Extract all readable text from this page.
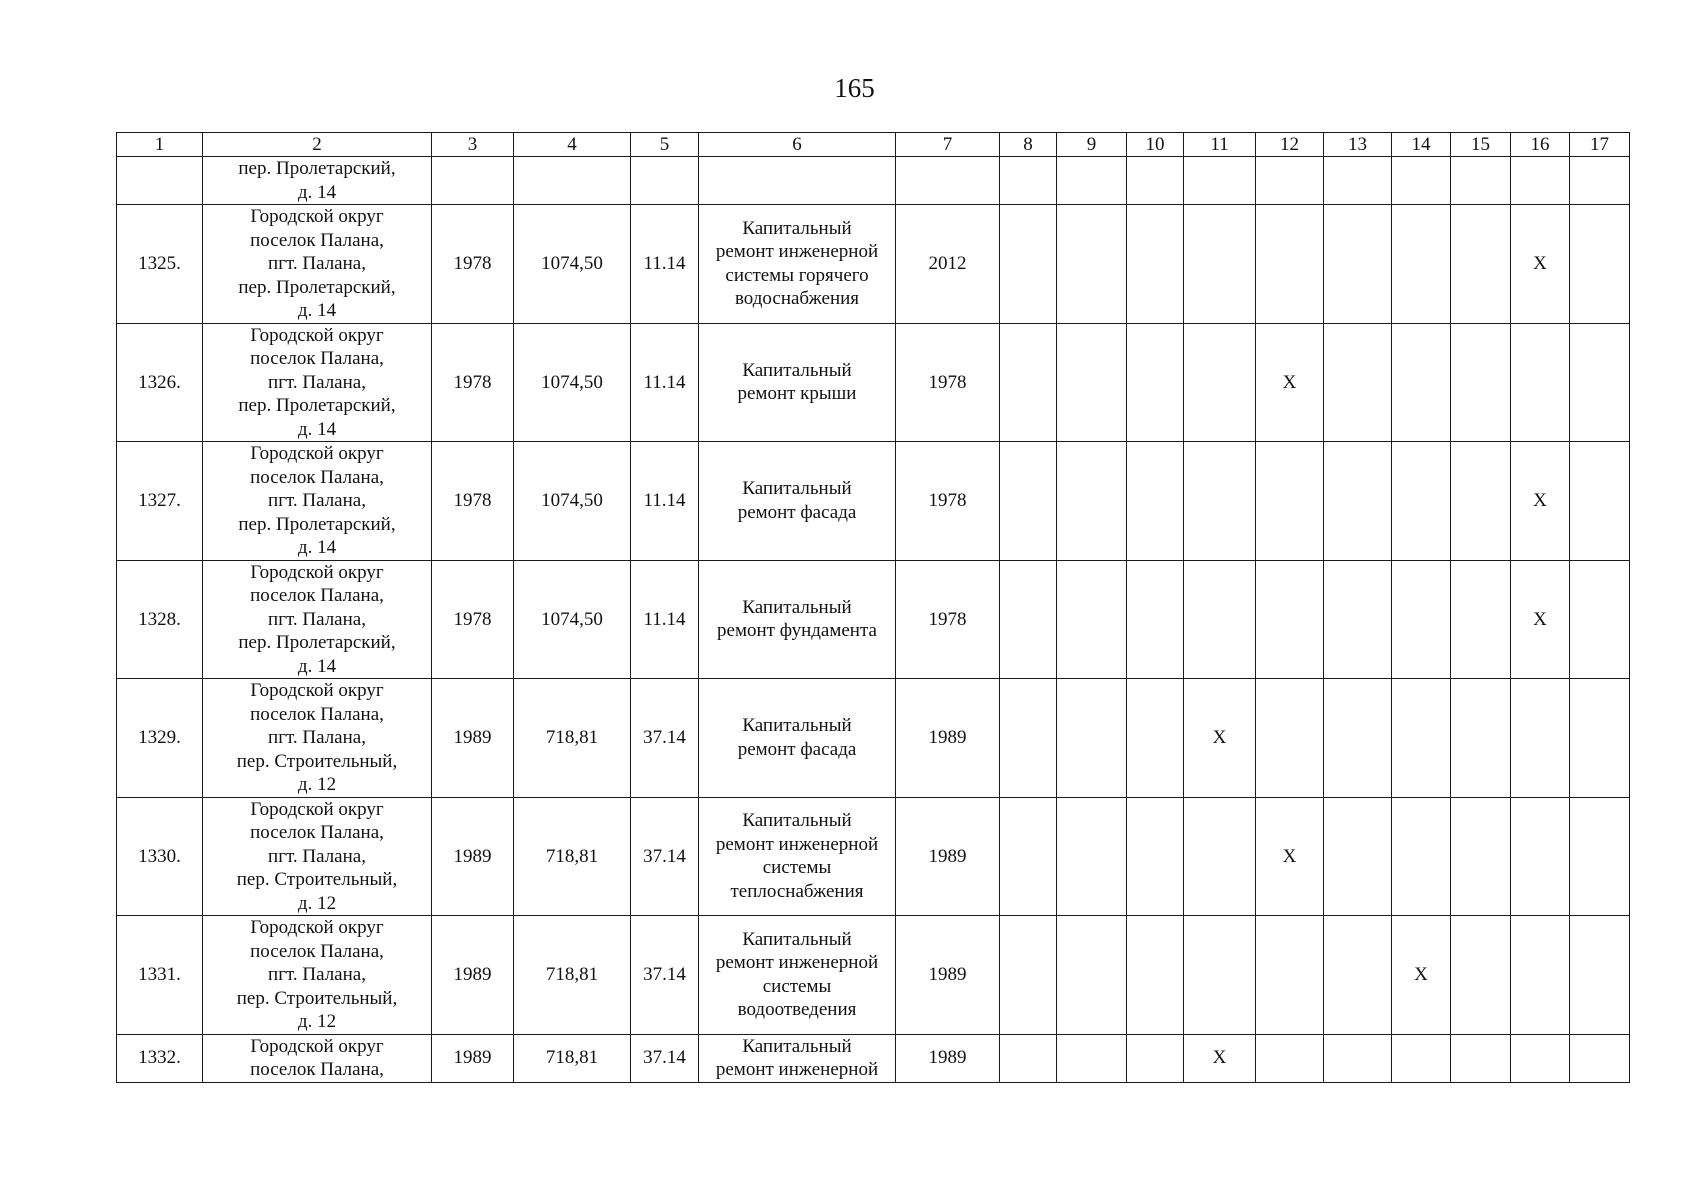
165
1	2	3	4	5	6	7	8	9	10	11	12	13	14	15	16	17

	пер. Пролетарский,
д. 14															

1325.	Городской округ
поселок Палана,
пгт. Палана,
пер. Пролетарский,
д. 14	1978	1074,50	11.14	Капитальный
ремонт инженерной
системы горячего
водоснабжения	2012									X	
1326.	Городской округ
поселок Палана,
пгт. Палана,
пер. Пролетарский,
д. 14	1978	1074,50	11.14	Капитальный
ремонт крыши	1978					X					
1327.	Городской округ
поселок Палана,
пгт. Палана,
пер. Пролетарский,
д. 14	1978	1074,50	11.14	Капитальный
ремонт фасада	1978									X	
1328.	Городской округ
поселок Палана,
пгт. Палана,
пер. Пролетарский,
д. 14	1978	1074,50	11.14	Капитальный
ремонт фундамента	1978									X	
1329.	Городской округ
поселок Палана,
пгт. Палана,
пер. Строительный,
д. 12	1989	718,81	37.14	Капитальный
ремонт фасада	1989				X						
1330.	Городской округ
поселок Палана,
пгт. Палана,
пер. Строительный,
д. 12	1989	718,81	37.14	Капитальный
ремонт инженерной
системы
теплоснабжения	1989					X					
1331.	Городской округ
поселок Палана,
пгт. Палана,
пер. Строительный,
д. 12	1989	718,81	37.14	Капитальный
ремонт инженерной
системы
водоотведения	1989							X			
1332.	Городской округ
поселок Палана,	1989	718,81	37.14	Капитальный
ремонт инженерной	1989				X						
